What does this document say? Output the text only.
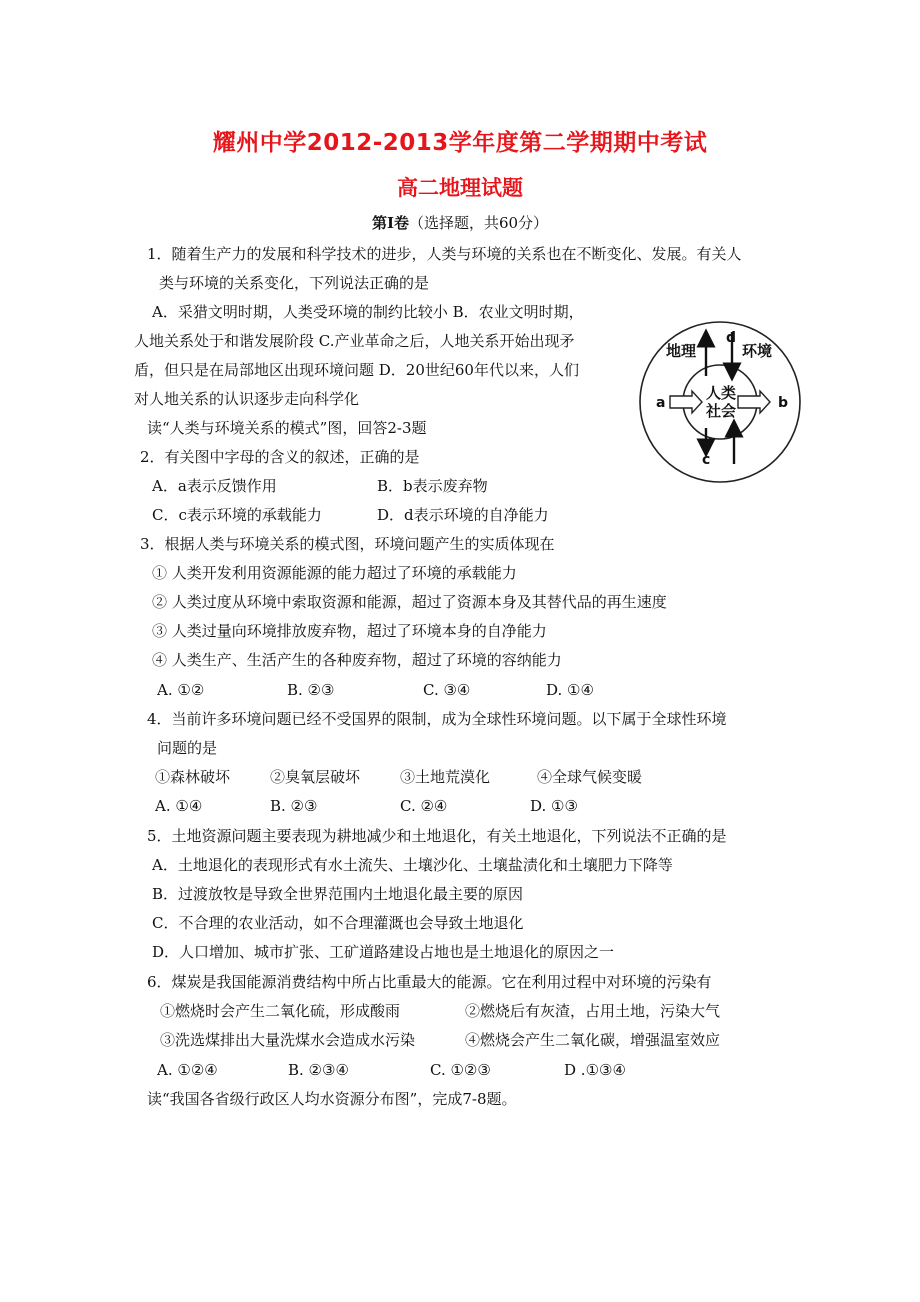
耀州中学2012-2013学年度第二学期期中考试
高二地理试题
第Ⅰ卷（选择题，共60分）
1．随着生产力的发展和科学技术的进步，人类与环境的关系也在不断变化、发展。有关人
类与环境的关系变化，下列说法正确的是
A．采猎文明时期，人类受环境的制约比较小 B．农业文明时期，
人地关系处于和谐发展阶段 C.产业革命之后，人地关系开始出现矛
盾，但只是在局部地区出现环境问题 D．20世纪60年代以来，人们
对人地关系的认识逐步走向科学化
读“人类与环境关系的模式”图，回答2-3题
地理	环境
d
a	b
c
人类
社会
2．有关图中字母的含义的叙述，正确的是
A．a表示反馈作用	B．b表示废弃物
C．c表示环境的承载能力	D．d表示环境的自净能力
3．根据人类与环境关系的模式图，环境问题产生的实质体现在
① 人类开发利用资源能源的能力超过了环境的承载能力
② 人类过度从环境中索取资源和能源，超过了资源本身及其替代品的再生速度
③ 人类过量向环境排放废弃物，超过了环境本身的自净能力
④ 人类生产、生活产生的各种废弃物，超过了环境的容纳能力
A. ①②	B. ②③	C. ③④	D. ①④
4．当前许多环境问题已经不受国界的限制，成为全球性环境问题。以下属于全球性环境
问题的是
①森林破坏	②臭氧层破坏	③土地荒漠化	④全球气候变暖
A. ①④	B. ②③	C. ②④	D. ①③
5．土地资源问题主要表现为耕地减少和土地退化，有关土地退化，下列说法不正确的是
A．土地退化的表现形式有水土流失、土壤沙化、土壤盐渍化和土壤肥力下降等
B．过渡放牧是导致全世界范围内土地退化最主要的原因
C．不合理的农业活动，如不合理灌溉也会导致土地退化
D．人口增加、城市扩张、工矿道路建设占地也是土地退化的原因之一
6．煤炭是我国能源消费结构中所占比重最大的能源。它在利用过程中对环境的污染有
①燃烧时会产生二氧化硫，形成酸雨	②燃烧后有灰渣，占用土地，污染大气
③洗选煤排出大量洗煤水会造成水污染	④燃烧会产生二氧化碳，增强温室效应
A. ①②④	B. ②③④	C. ①②③	D .①③④
读“我国各省级行政区人均水资源分布图”，完成7-8题。
